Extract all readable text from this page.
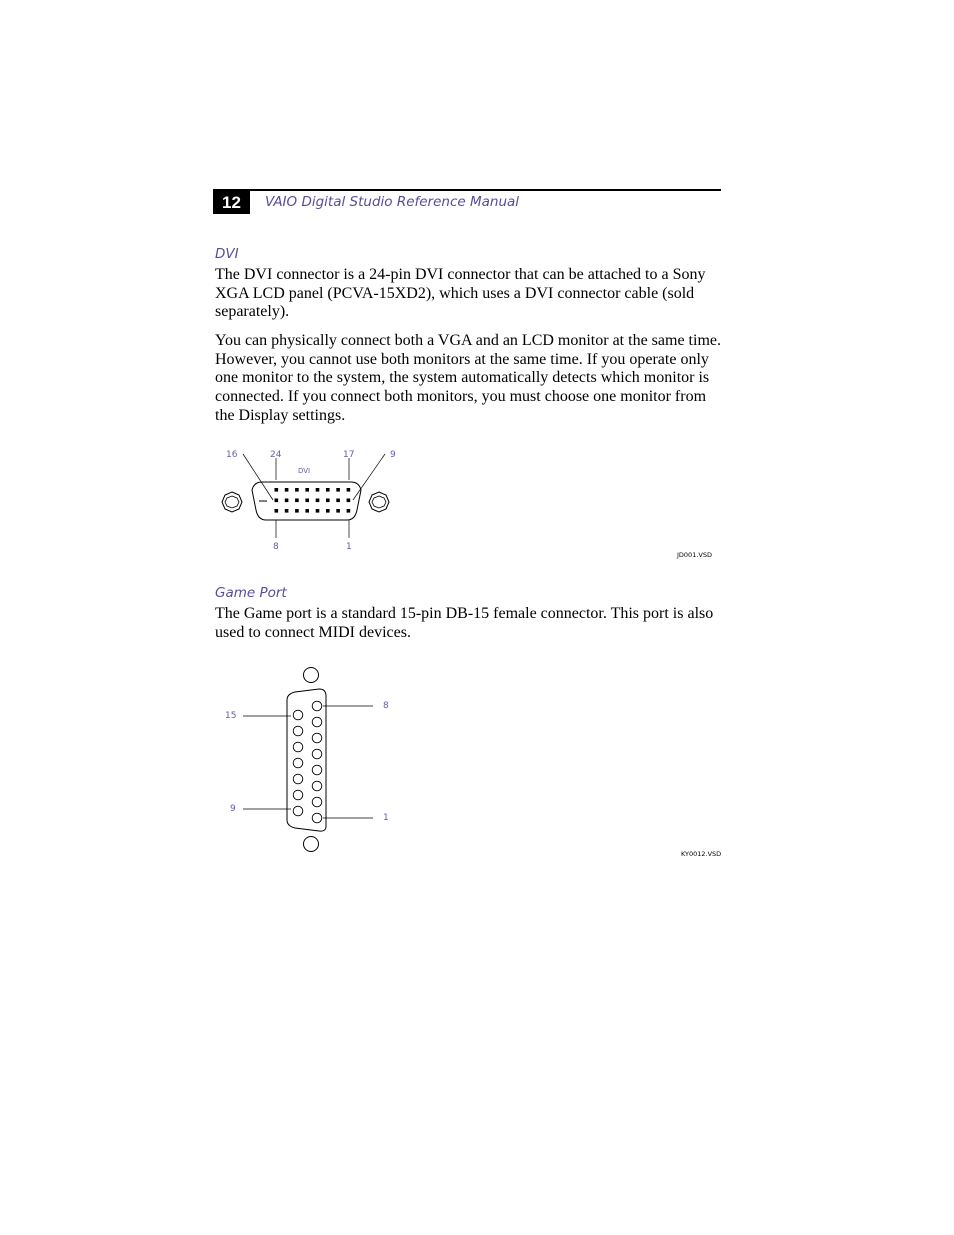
12	VAIO Digital Studio Reference Manual
DVI

The DVI connector is a 24-pin DVI connector that can be attached to a Sony XGA LCD panel (PCVA-15XD2), which uses a DVI connector cable (sold separately).

You can physically connect both a VGA and an LCD monitor at the same time. However, you cannot use both monitors at the same time. If you operate only one monitor to the system, the system automatically detects which monitor is connected. If you connect both monitors, you must choose one monitor from the Display settings.

16	24	17	9
DVI
8	1
JD001.VSD
Game Port

The Game port is a standard 15-pin DB-15 female connector. This port is also used to connect MIDI devices.

15
9
8
1
KY0012.VSD
